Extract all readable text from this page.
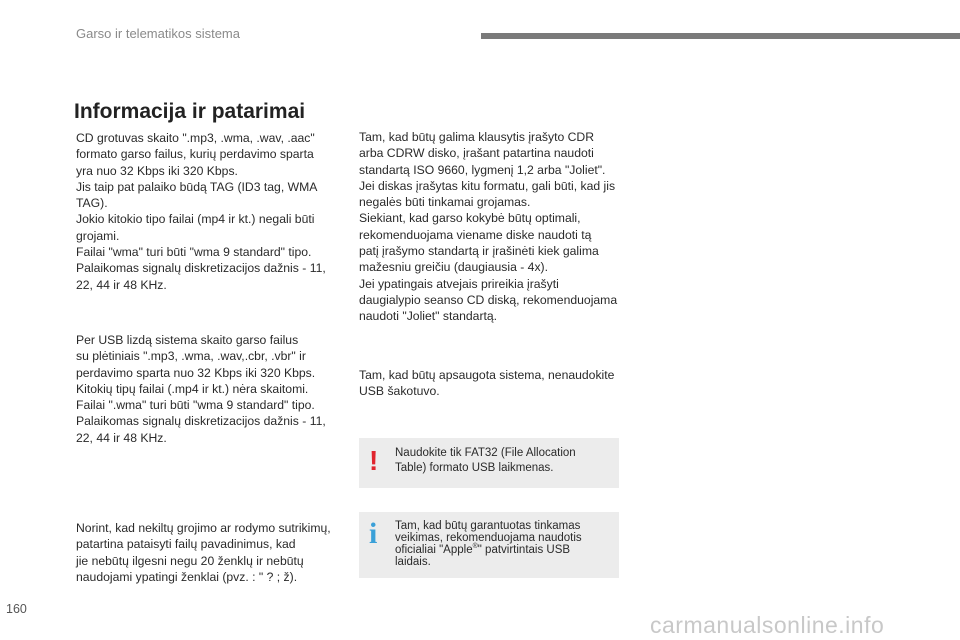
Garso ir telematikos sistema
Informacija ir patarimai
CD grotuvas skaito ".mp3, .wma, .wav, .aac"
formato garso failus, kurių perdavimo sparta
yra nuo 32 Kbps iki 320 Kbps.
Jis taip pat palaiko būdą TAG (ID3 tag, WMA
TAG).
Jokio kitokio tipo failai (mp4 ir kt.) negali būti
grojami.
Failai "wma" turi būti "wma 9 standard" tipo.
Palaikomas signalų diskretizacijos dažnis - 11,
22, 44 ir 48 KHz.
Per USB lizdą sistema skaito garso failus
su plėtiniais ".mp3, .wma, .wav,.cbr, .vbr" ir
perdavimo sparta nuo 32 Kbps iki 320 Kbps.
Kitokių tipų failai (.mp4 ir kt.) nėra skaitomi.
Failai ".wma" turi būti "wma 9 standard" tipo.
Palaikomas signalų diskretizacijos dažnis - 11,
22, 44 ir 48 KHz.
Norint, kad nekiltų grojimo ar rodymo sutrikimų,
patartina pataisyti failų pavadinimus, kad
jie nebūtų ilgesni negu 20 ženklų ir nebūtų
naudojami ypatingi ženklai (pvz. : " ? ; ž).
Tam, kad būtų galima klausytis įrašyto CDR
arba CDRW disko, įrašant patartina naudoti
standartą ISO 9660, lygmenį 1,2 arba "Joliet".
Jei diskas įrašytas kitu formatu, gali būti, kad jis
negalės būti tinkamai grojamas.
Siekiant, kad garso kokybė būtų optimali,
rekomenduojama viename diske naudoti tą
patį įrašymo standartą ir įrašinėti kiek galima
mažesniu greičiu (daugiausia - 4x).
Jei ypatingais atvejais prireikia įrašyti
daugialypio seanso CD diską, rekomenduojama
naudoti "Joliet" standartą.
Tam, kad būtų apsaugota sistema, nenaudokite
USB šakotuvo.
! Naudokite tik FAT32 (File Allocation
Table) formato USB laikmenas.
i Tam, kad būtų garantuotas tinkamas
veikimas, rekomenduojama naudotis
oficialiai "Apple®" patvirtintais USB
laidais.
160
carmanualsonline.info
